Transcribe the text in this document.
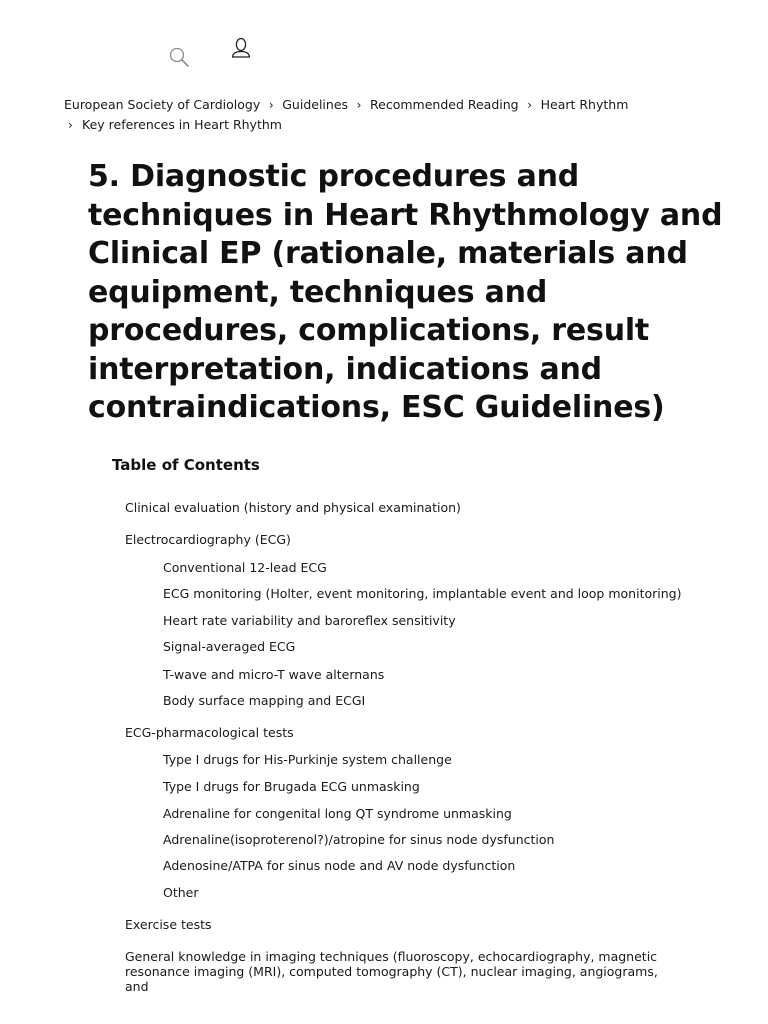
European Society of Cardiology › Guidelines › Recommended Reading › Heart Rhythm
› Key references in Heart Rhythm
5. Diagnostic procedures and techniques in Heart Rhythmology and Clinical EP (rationale, materials and equipment, techniques and procedures, complications, result interpretation, indications and contraindications, ESC Guidelines)
Table of Contents
Clinical evaluation (history and physical examination)
Electrocardiography (ECG)
Conventional 12-lead ECG
ECG monitoring (Holter, event monitoring, implantable event and loop monitoring)
Heart rate variability and baroreflex sensitivity
Signal-averaged ECG
T-wave and micro-T wave alternans
Body surface mapping and ECGI
ECG-pharmacological tests
Type I drugs for His-Purkinje system challenge
Type I drugs for Brugada ECG unmasking
Adrenaline for congenital long QT syndrome unmasking
Adrenaline(isoproterenol?)/atropine for sinus node dysfunction
Adenosine/ATPA for sinus node and AV node dysfunction
Other
Exercise tests
General knowledge in imaging techniques (fluoroscopy, echocardiography, magnetic resonance imaging (MRI), computed tomography (CT), nuclear imaging, angiograms, and
